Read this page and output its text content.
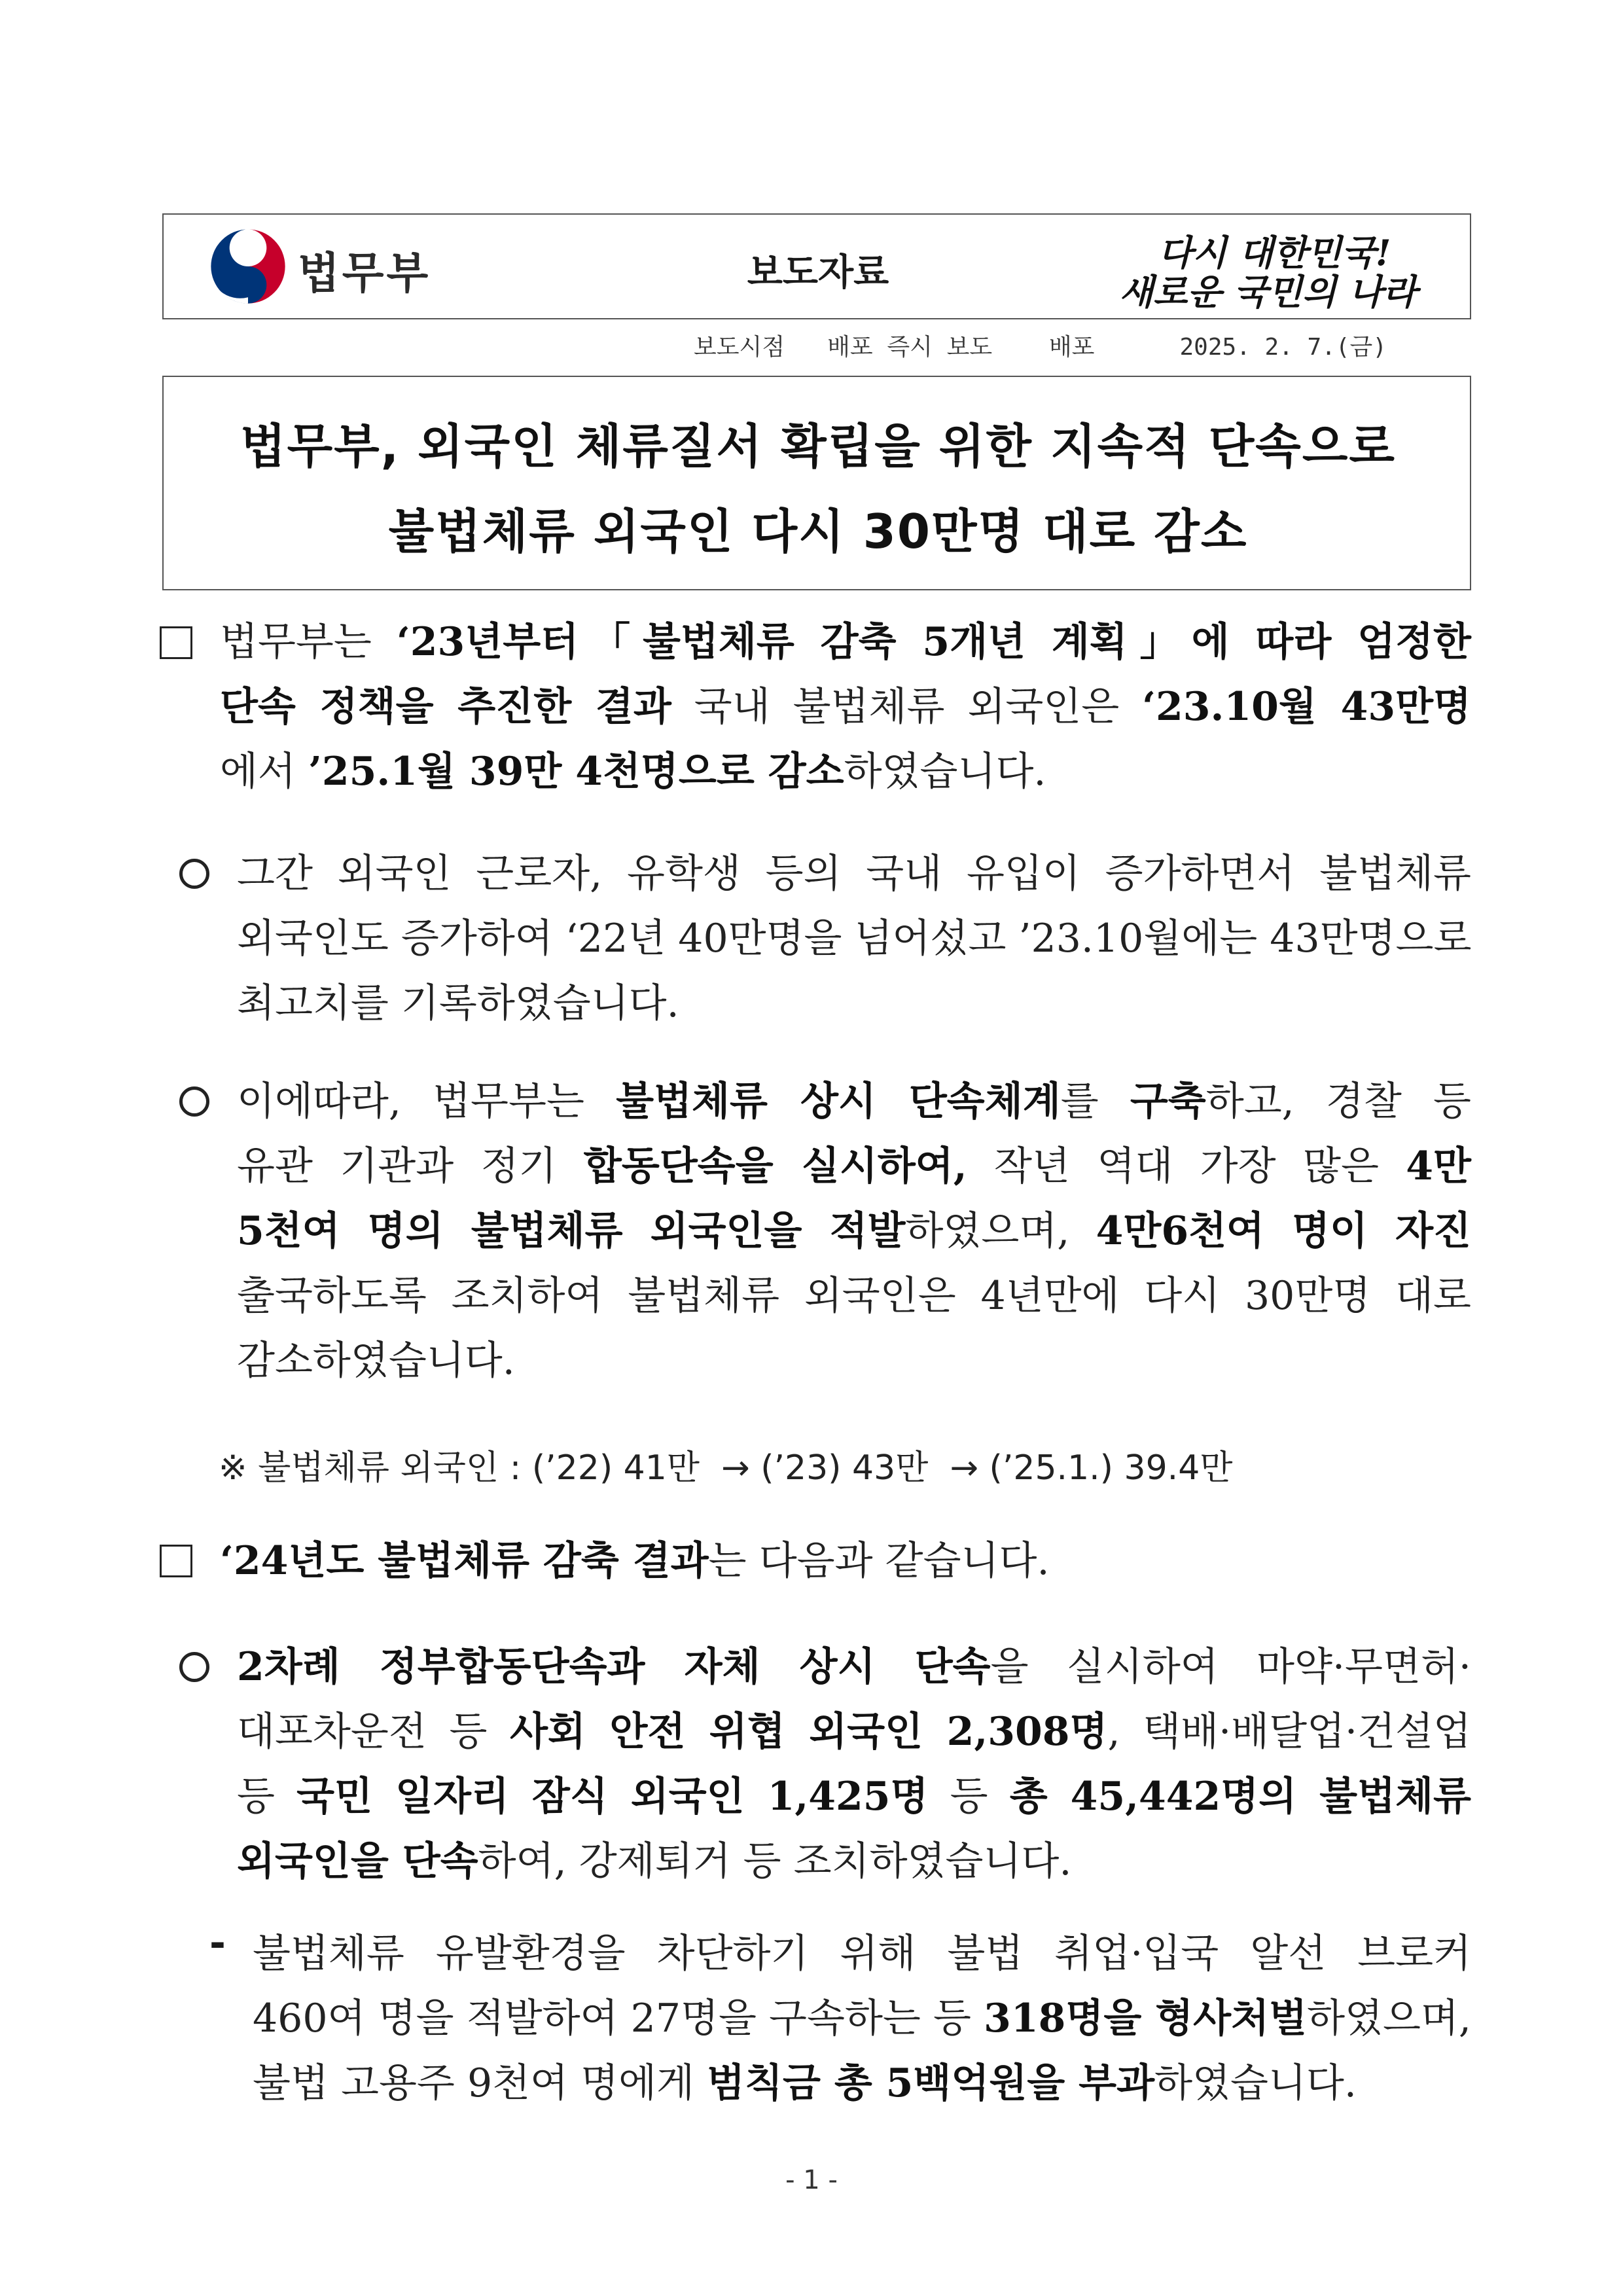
법무부	보도자료	다시 대한민국!
새로운 국민의 나라
보도시점 배포 즉시 보도 배포	2025. 2. 7.(금)
법무부, 외국인 체류질서 확립을 위한 지속적 단속으로
불법체류 외국인 다시 30만명 대로 감소
법무부는 ‘23년부터「불법체류 감축 5개년 계획」에 따라 엄정한
단속 정책을 추진한 결과 국내 불법체류 외국인은 ‘23.10월 43만명
에서 ’25.1월 39만 4천명으로 감소하였습니다.
그간 외국인 근로자, 유학생 등의 국내 유입이 증가하면서 불법체류
외국인도 증가하여 ‘22년 40만명을 넘어섰고 ’23.10월에는 43만명으로
최고치를 기록하였습니다.
이에따라, 법무부는 불법체류 상시 단속체계를 구축하고, 경찰 등
유관 기관과 정기 합동단속을 실시하여, 작년 역대 가장 많은 4만
5천여 명의 불법체류 외국인을 적발하였으며, 4만6천여 명이 자진
출국하도록 조치하여 불법체류 외국인은 4년만에 다시 30만명 대로
감소하였습니다.
※ 불법체류 외국인 : (’22) 41만  → (’23) 43만  → (’25.1.) 39.4만
‘24년도 불법체류 감축 결과는 다음과 같습니다.
2차례 정부합동단속과 자체 상시 단속을 실시하여 마약·무면허·
대포차운전 등 사회 안전 위협 외국인 2,308명, 택배·배달업·건설업
등 국민 일자리 잠식 외국인 1,425명 등 총 45,442명의 불법체류
외국인을 단속하여, 강제퇴거 등 조치하였습니다.
- 불법체류 유발환경을 차단하기 위해 불법 취업·입국 알선 브로커
460여 명을 적발하여 27명을 구속하는 등 318명을 형사처벌하였으며,
불법 고용주 9천여 명에게 범칙금 총 5백억원을 부과하였습니다.
- 1 -
